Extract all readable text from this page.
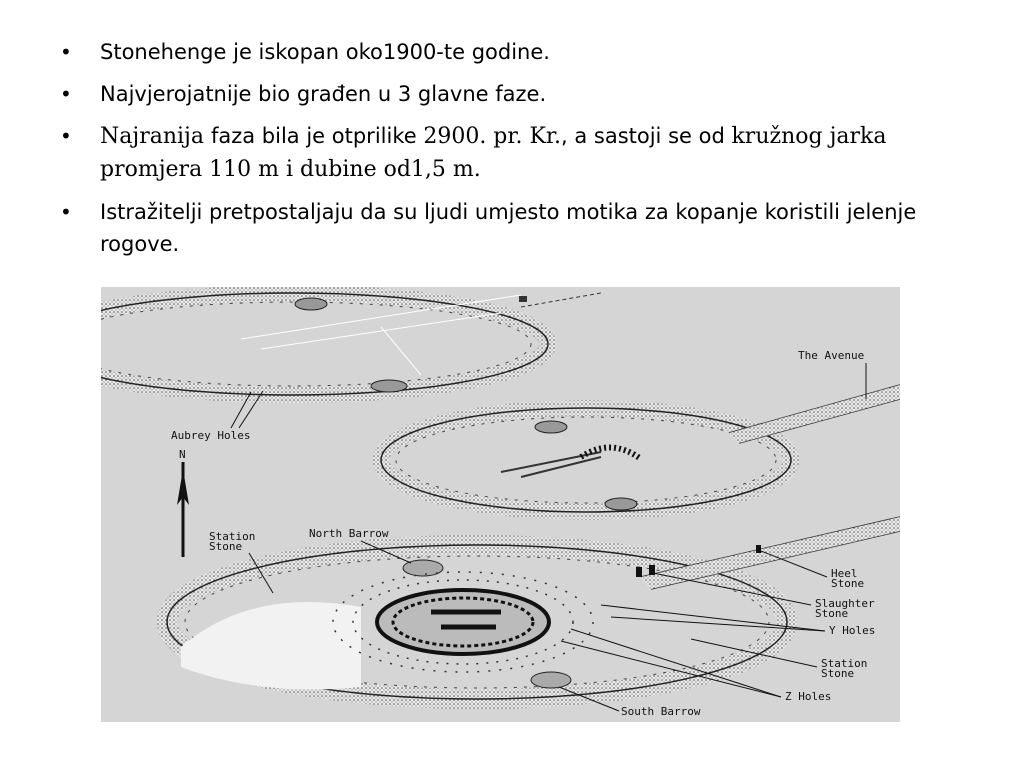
• Stonehenge je iskopan oko1900-te godine.
• Najvjerojatnije bio građen u 3 glavne faze.
• Najranija faza bila je otprilike 2900. pr. Kr., a sastoji se od kružnog jarka promjera 110 m i dubine od1,5 m.
• Istražitelji pretpostaljaju da su ljudi umjesto motika za kopanje koristili jelenje rogove.
N
The Avenue
Aubrey Holes
Station
Stone
North Barrow
Heel
Stone
Slaughter
Stone
Y Holes
Station
Stone
Z Holes
South Barrow
